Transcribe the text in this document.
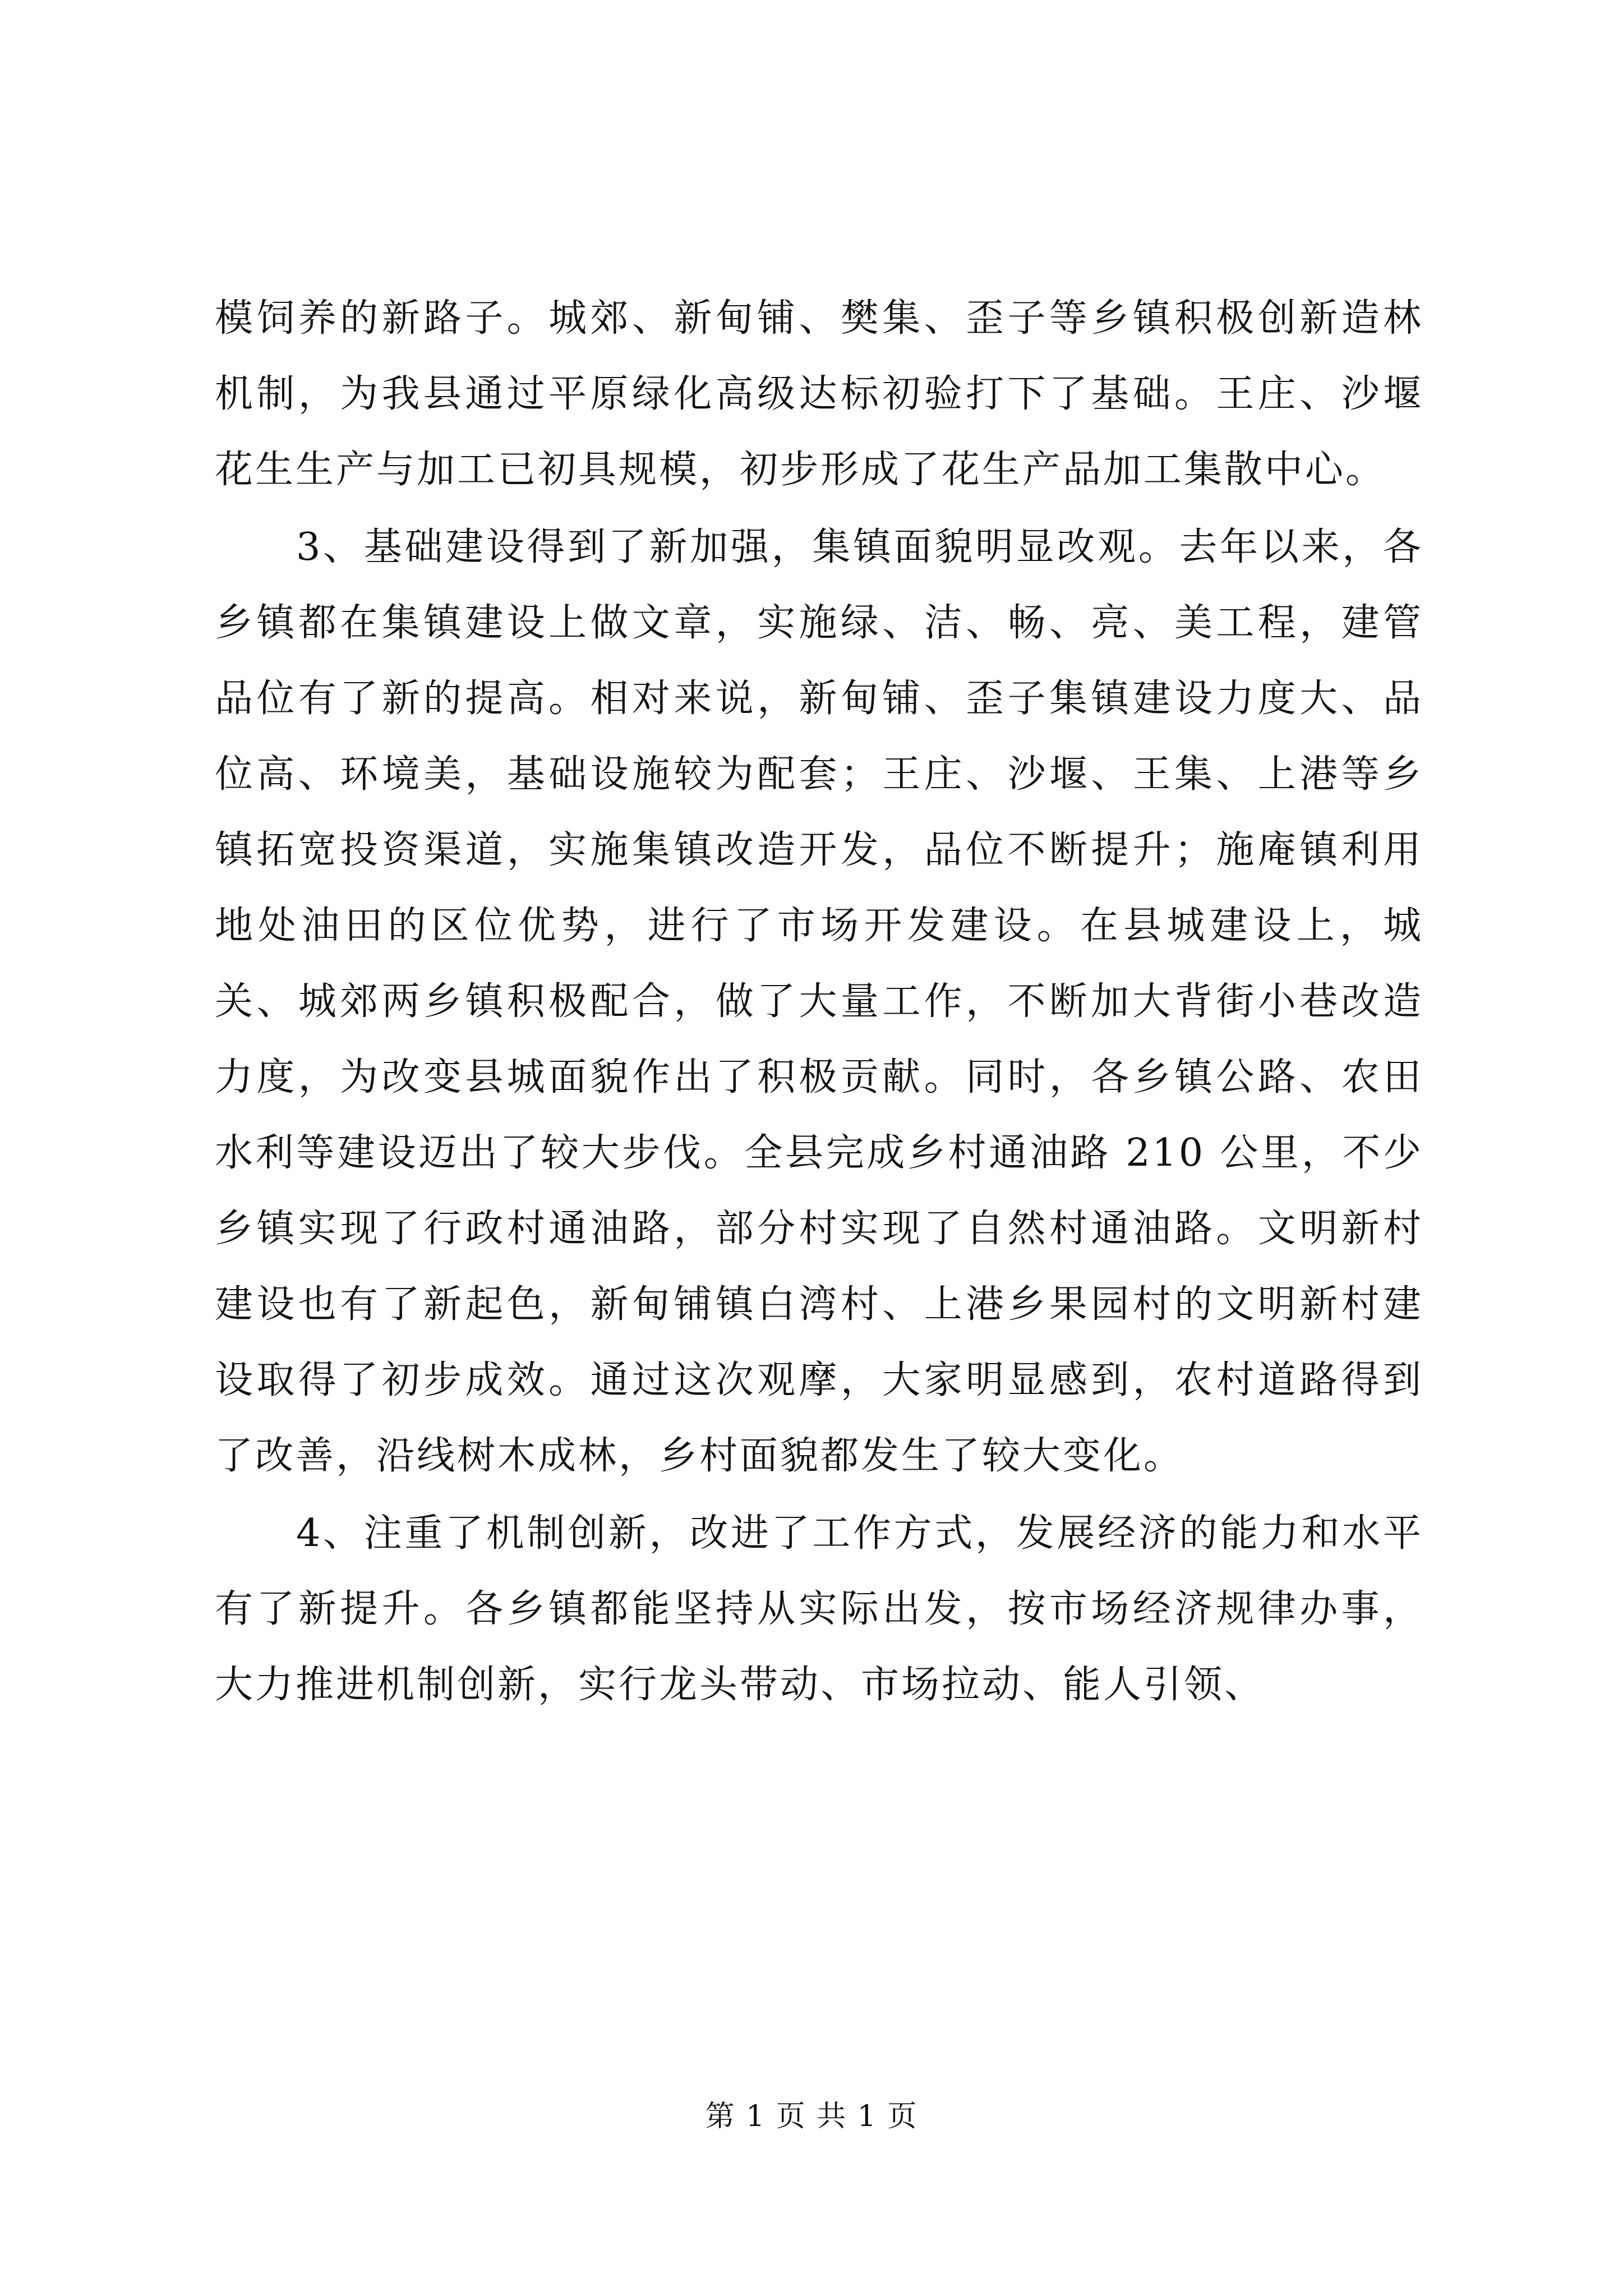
模饲养的新路子。城郊、新甸铺、樊集、歪子等乡镇积极创新造林机制，为我县通过平原绿化高级达标初验打下了基础。王庄、沙堰花生生产与加工已初具规模，初步形成了花生产品加工集散中心。

3、基础建设得到了新加强，集镇面貌明显改观。去年以来，各乡镇都在集镇建设上做文章，实施绿、洁、畅、亮、美工程，建管品位有了新的提高。相对来说，新甸铺、歪子集镇建设力度大、品位高、环境美，基础设施较为配套；王庄、沙堰、王集、上港等乡镇拓宽投资渠道，实施集镇改造开发，品位不断提升；施庵镇利用地处油田的区位优势，进行了市场开发建设。在县城建设上，城关、城郊两乡镇积极配合，做了大量工作，不断加大背街小巷改造力度，为改变县城面貌作出了积极贡献。同时，各乡镇公路、农田水利等建设迈出了较大步伐。全县完成乡村通油路 210 公里，不少乡镇实现了行政村通油路，部分村实现了自然村通油路。文明新村建设也有了新起色，新甸铺镇白湾村、上港乡果园村的文明新村建设取得了初步成效。通过这次观摩，大家明显感到，农村道路得到了改善，沿线树木成林，乡村面貌都发生了较大变化。

4、注重了机制创新，改进了工作方式，发展经济的能力和水平有了新提升。各乡镇都能坚持从实际出发，按市场经济规律办事，大力推进机制创新，实行龙头带动、市场拉动、能人引领、

第 1 页 共 1 页
